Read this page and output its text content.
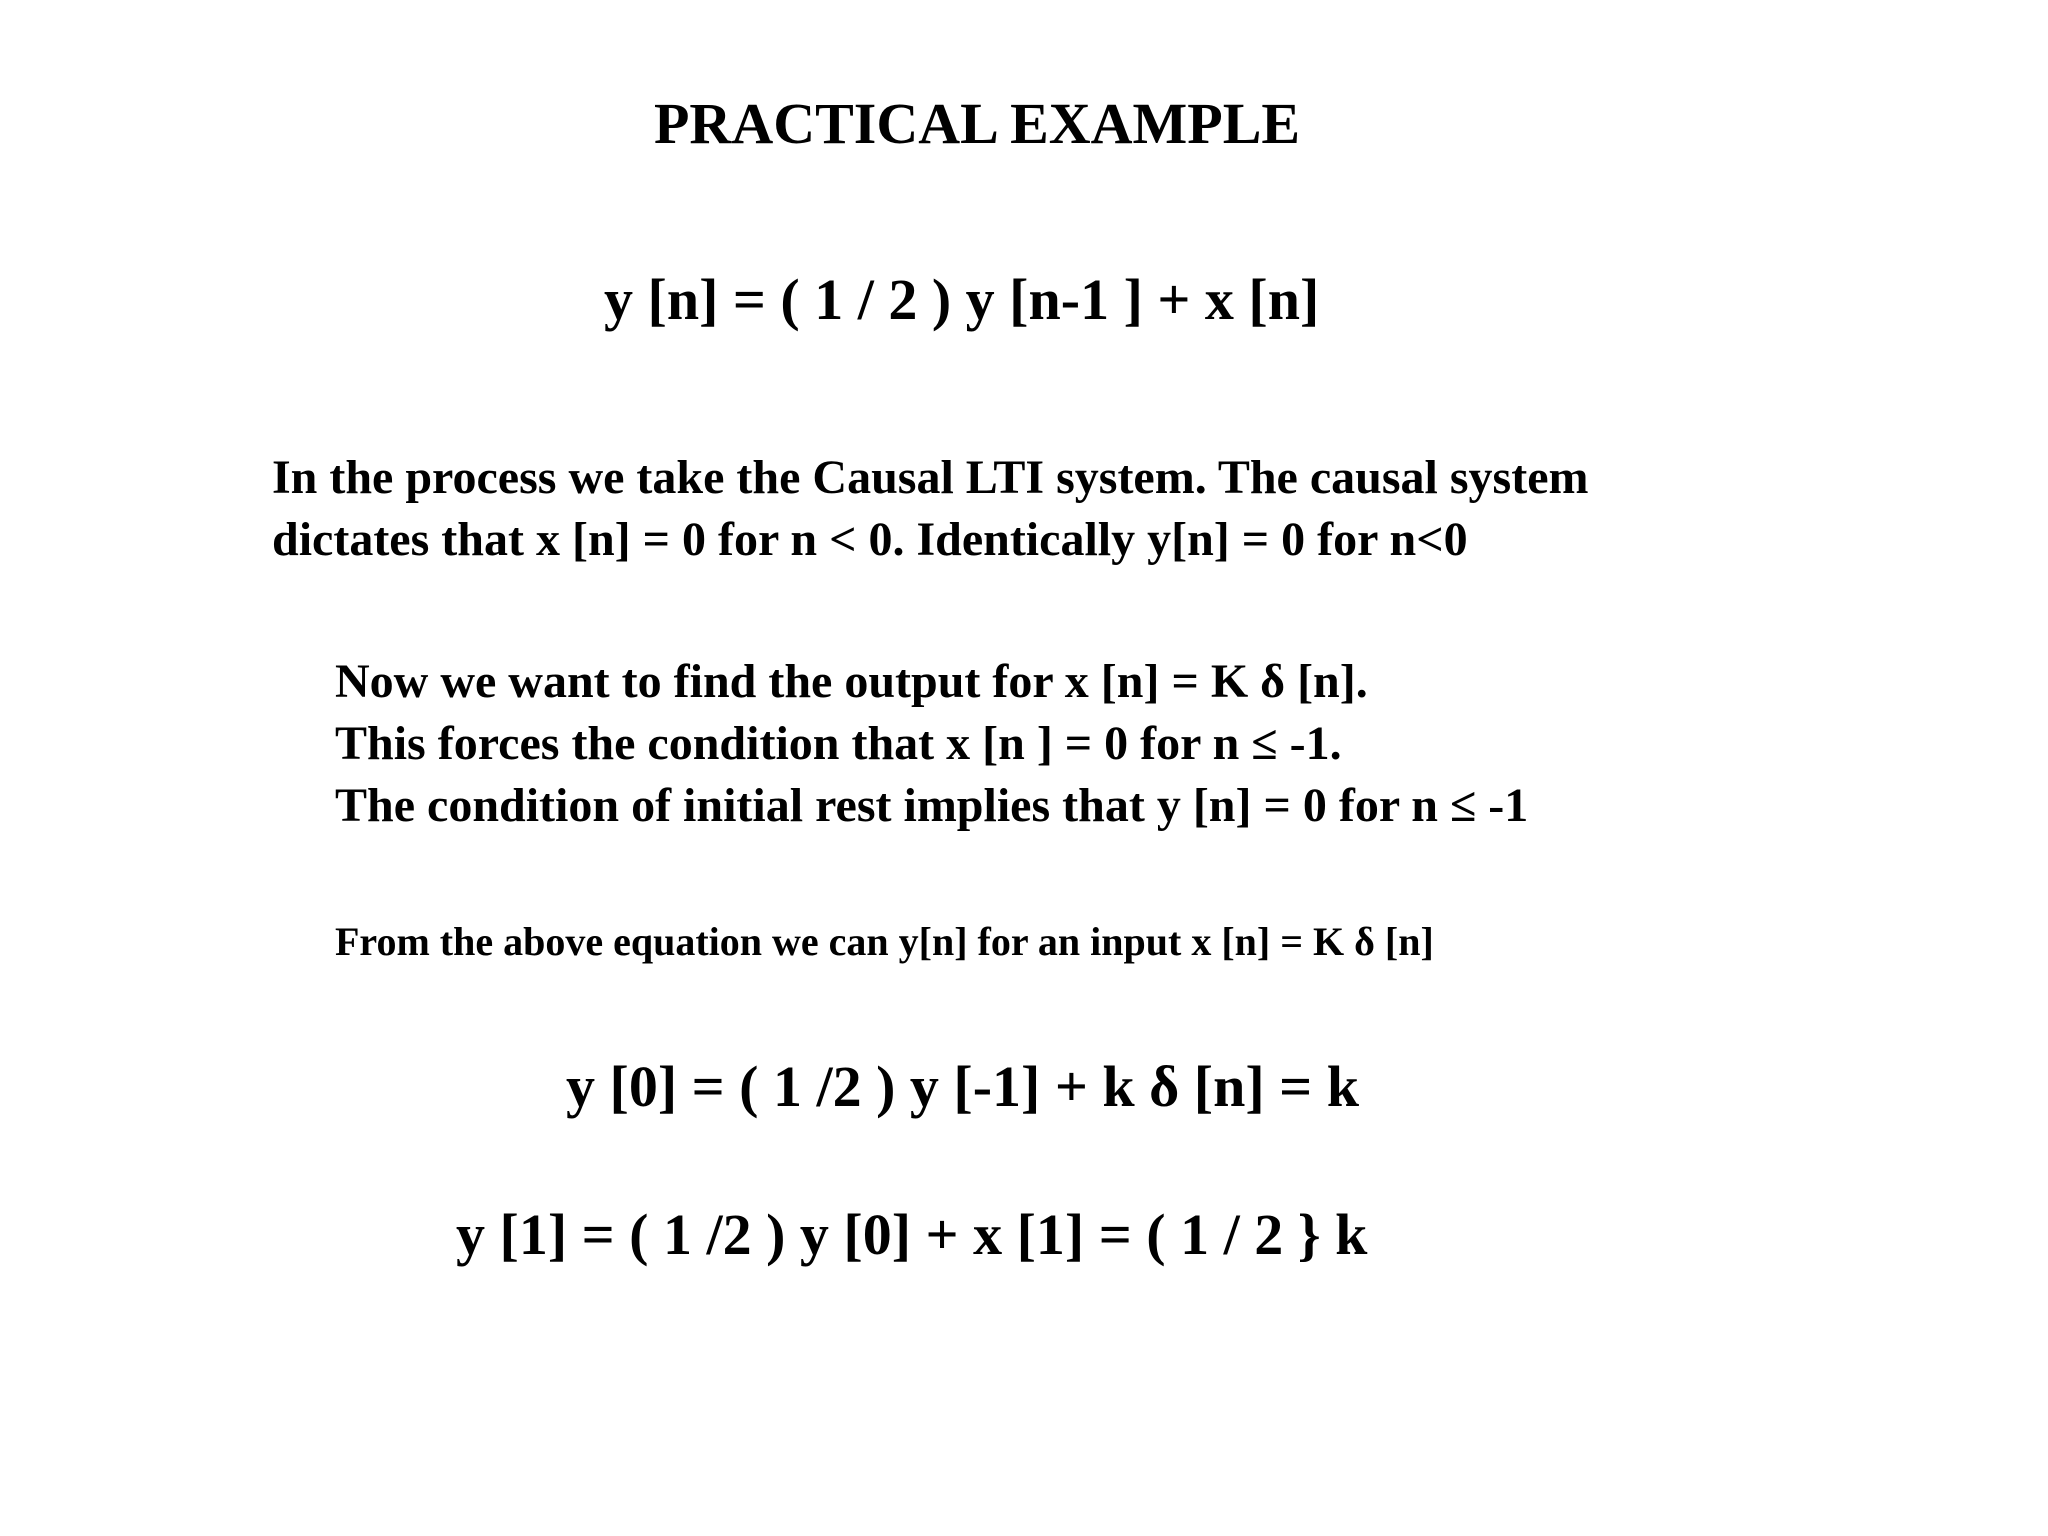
PRACTICAL EXAMPLE
y [n] = ( 1 / 2 ) y [n-1 ] + x [n]
In the process we take the Causal LTI system. The causal system
dictates that x [n] = 0 for n < 0. Identically y[n] = 0 for n<0
Now we want to find the output for x [n] = K δ [n].
This forces the condition that x [n ] = 0 for n ≤ -1.
The condition of initial rest implies that y [n] = 0 for n ≤ -1
From the above equation we can y[n] for an input x [n] = K δ [n]
y [0] = ( 1 /2 ) y [-1] + k δ [n] = k
y [1] = ( 1 /2 ) y [0] + x [1] = ( 1 / 2 } k
